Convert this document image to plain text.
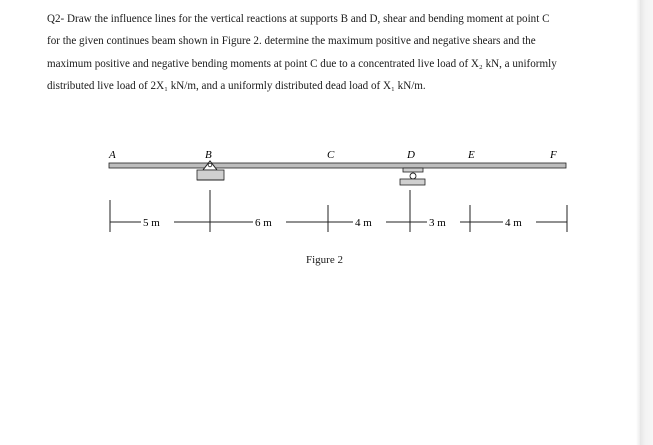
Q2- Draw the influence lines for the vertical reactions at supports B and D, shear and bending moment at point C
for the given continues beam shown in Figure 2. determine the maximum positive and negative shears and the
maximum positive and negative bending moments at point C due to a concentrated live load of X₂ kN, a uniformly
distributed live load of 2X₁ kN/m, and a uniformly distributed dead load of X₁ kN/m.

A	B	C	D	E	F
5 m	6 m	4 m	3 m	4 m
Figure 2
